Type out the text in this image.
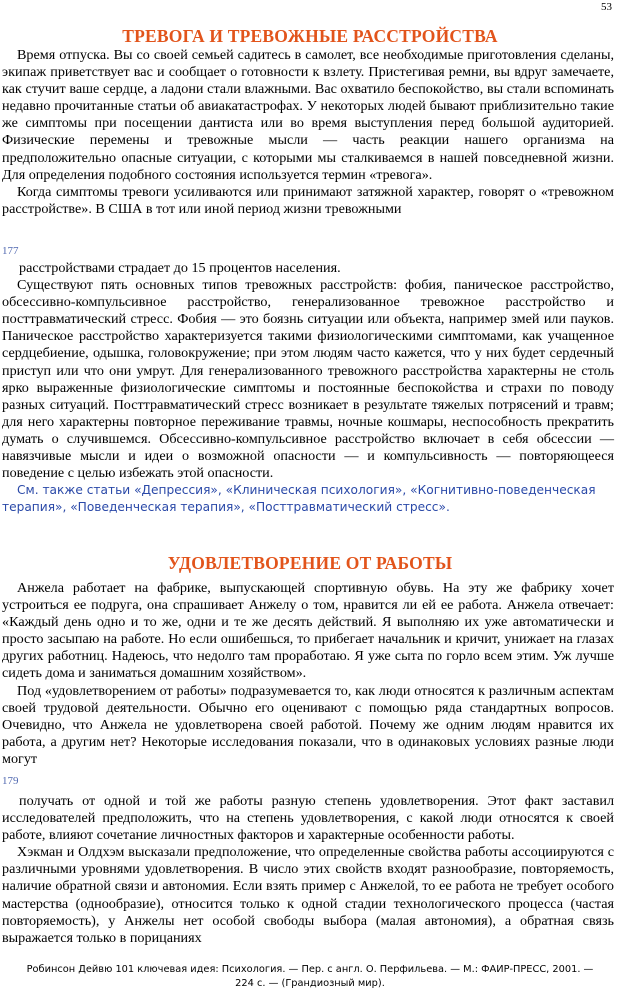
53
ТРЕВОГА И ТРЕВОЖНЫЕ РАССТРОЙСТВА

Время отпуска. Вы со своей семьей садитесь в самолет, все необходимые приготовления сделаны, экипаж приветствует вас и сообщает о готовности к взлету. Пристегивая ремни, вы вдруг замечаете, как стучит ваше сердце, а ладони стали влажными. Вас охватило беспокойство, вы стали вспоминать недавно прочитанные статьи об авиакатастрофах. У некоторых людей бывают приблизительно такие же симптомы при посещении дантиста или во время выступления перед большой аудиторией. Физические перемены и тревожные мысли — часть реакции нашего организма на предположительно опасные ситуации, с которыми мы сталкиваемся в нашей повседневной жизни. Для определения подобного состояния используется термин «тревога».

Когда симптомы тревоги усиливаются или принимают затяжной характер, говорят о «тревожном расстройстве». В США в тот или иной период жизни тревожными

177

расстройствами страдает до 15 процентов населения.

Существуют пять основных типов тревожных расстройств: фобия, паническое расстройство, обсессивно-компульсивное расстройство, генерализованное тревожное расстройство и посттравматический стресс. Фобия — это боязнь ситуации или объекта, например змей или пауков. Паническое расстройство характеризуется такими физиологическими симптомами, как учащенное сердцебиение, одышка, головокружение; при этом людям часто кажется, что у них будет сердечный приступ или что они умрут. Для генерализованного тревожного расстройства характерны не столь ярко выраженные физиологические симптомы и постоянные беспокойства и страхи по поводу разных ситуаций. Посттравматический стресс возникает в результате тяжелых потрясений и травм; для него характерны повторное переживание травмы, ночные кошмары, неспособность прекратить думать о случившемся. Обсессивно-компульсивное расстройство включает в себя обсессии — навязчивые мысли и идеи о возможной опасности — и компульсивность — повторяющееся поведение с целью избежать этой опасности.

См. также статьи «Депрессия», «Клиническая психология», «Когнитивно-поведенческая терапия», «Поведенческая терапия», «Посттравматический стресс».

УДОВЛЕТВОРЕНИЕ ОТ РАБОТЫ

Анжела работает на фабрике, выпускающей спортивную обувь. На эту же фабрику хочет устроиться ее подруга, она спрашивает Анжелу о том, нравится ли ей ее работа. Анжела отвечает: «Каждый день одно и то же, одни и те же десять действий. Я выполняю их уже автоматически и просто засыпаю на работе. Но если ошибешься, то прибегает начальник и кричит, унижает на глазах других работниц. Надеюсь, что недолго там проработаю. Я уже сыта по горло всем этим. Уж лучше сидеть дома и заниматься домашним хозяйством».

Под «удовлетворением от работы» подразумевается то, как люди относятся к различным аспектам своей трудовой деятельности. Обычно его оценивают с помощью ряда стандартных вопросов. Очевидно, что Анжела не удовлетворена своей работой. Почему же одним людям нравится их работа, а другим нет? Некоторые исследования показали, что в одинаковых условиях разные люди могут

179

получать от одной и той же работы разную степень удовлетворения. Этот факт заставил исследователей предположить, что на степень удовлетворения, с какой люди относятся к своей работе, влияют сочетание личностных факторов и характерные особенности работы.

Хэкман и Олдхэм высказали предположение, что определенные свойства работы ассоциируются с различными уровнями удовлетворения. В число этих свойств входят разнообразие, повторяемость, наличие обратной связи и автономия. Если взять пример с Анжелой, то ее работа не требует особого мастерства (однообразие), относится только к одной стадии технологического процесса (частая повторяемость), у Анжелы нет особой свободы выбора (малая автономия), а обратная связь выражается только в порицаниях

Робинсон Дейвю 101 ключевая идея: Психология. — Пер. с англ. О. Перфильева. — М.: ФАИР-ПРЕСС, 2001. —
224 с. — (Грандиозный мир).
